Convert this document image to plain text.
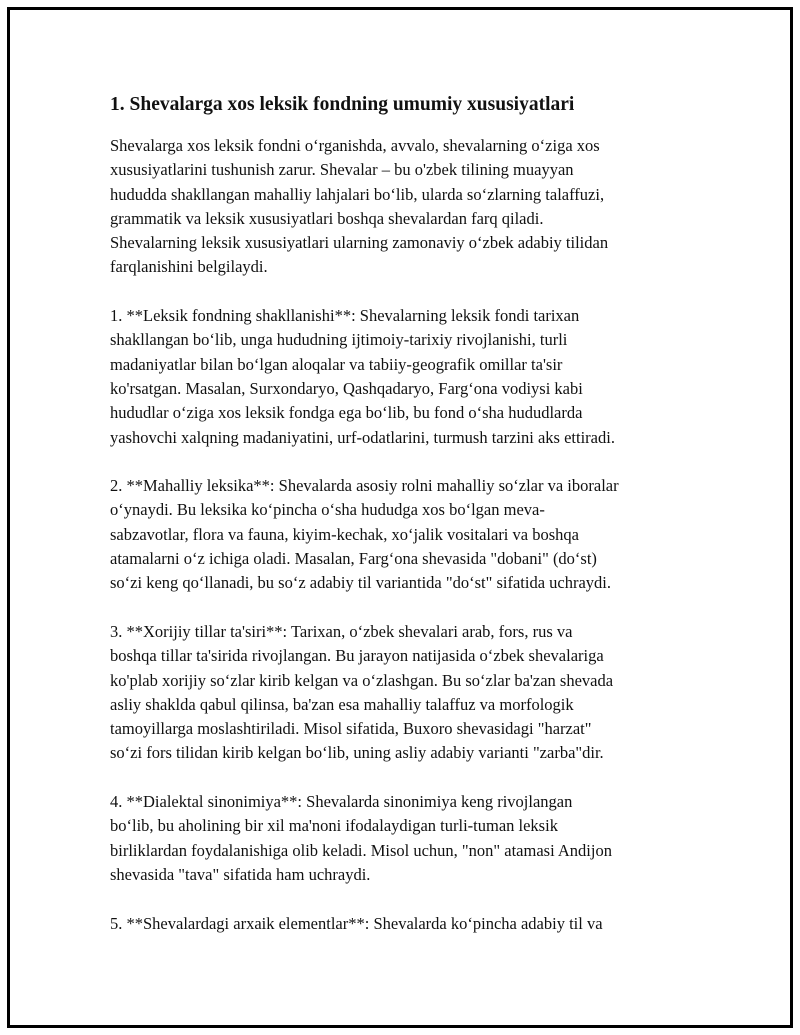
1. Shevalarga xos leksik fondning umumiy xususiyatlari
Shevalarga xos leksik fondni o‘rganishda, avvalo, shevalarning o‘ziga xos
xususiyatlarini tushunish zarur. Shevalar – bu o'zbek tilining muayyan
hududda shakllangan mahalliy lahjalari bo‘lib, ularda so‘zlarning talaffuzi,
grammatik va leksik xususiyatlari boshqa shevalardan farq qiladi.
Shevalarning leksik xususiyatlari ularning zamonaviy o‘zbek adabiy tilidan
farqlanishini belgilaydi.
1. **Leksik fondning shakllanishi**: Shevalarning leksik fondi tarixan
shakllangan bo‘lib, unga hududning ijtimoiy-tarixiy rivojlanishi, turli
madaniyatlar bilan bo‘lgan aloqalar va tabiiy-geografik omillar ta'sir
ko'rsatgan. Masalan, Surxondaryo, Qashqadaryo, Farg‘ona vodiysi kabi
hududlar o‘ziga xos leksik fondga ega bo‘lib, bu fond o‘sha hududlarda
yashovchi xalqning madaniyatini, urf-odatlarini, turmush tarzini aks ettiradi.
2. **Mahalliy leksika**: Shevalarda asosiy rolni mahalliy so‘zlar va iboralar
o‘ynaydi. Bu leksika ko‘pincha o‘sha hududga xos bo‘lgan meva-
sabzavotlar, flora va fauna, kiyim-kechak, xo‘jalik vositalari va boshqa
atamalarni o‘z ichiga oladi. Masalan, Farg‘ona shevasida "dobani" (do‘st)
so‘zi keng qo‘llanadi, bu so‘z adabiy til variantida "do‘st" sifatida uchraydi.
3. **Xorijiy tillar ta'siri**: Tarixan, o‘zbek shevalari arab, fors, rus va
boshqa tillar ta'sirida rivojlangan. Bu jarayon natijasida o‘zbek shevalariga
ko'plab xorijiy so‘zlar kirib kelgan va o‘zlashgan. Bu so‘zlar ba'zan shevada
asliy shaklda qabul qilinsa, ba'zan esa mahalliy talaffuz va morfologik
tamoyillarga moslashtiriladi. Misol sifatida, Buxoro shevasidagi "harzat"
so‘zi fors tilidan kirib kelgan bo‘lib, uning asliy adabiy varianti "zarba"dir.
4. **Dialektal sinonimiya**: Shevalarda sinonimiya keng rivojlangan
bo‘lib, bu aholining bir xil ma'noni ifodalaydigan turli-tuman leksik
birliklardan foydalanishiga olib keladi. Misol uchun, "non" atamasi Andijon
shevasida "tava" sifatida ham uchraydi.
5. **Shevalardagi arxaik elementlar**: Shevalarda ko‘pincha adabiy til va
